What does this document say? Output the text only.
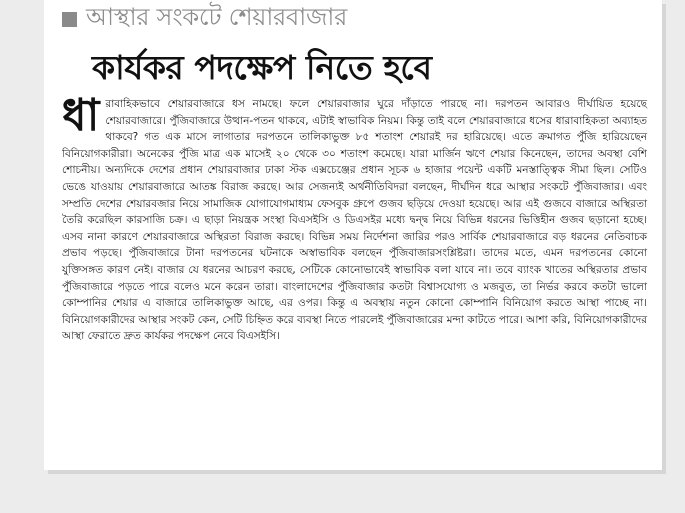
আস্থার সংকটে শেয়ারবাজার
কার্যকর পদক্ষেপ নিতে হবে
ধারাবাহিকভাবে শেয়ারবাজারে ধস নামছে। ফলে শেয়ারবাজার ঘুরে দাঁড়াতে পারছে না। দরপতন আবারও দীর্ঘায়িত হয়েছে শেয়ারবাজারে। পুঁজিবাজারে উত্থান-পতন থাকবে, এটাই স্বাভাবিক নিয়ম। কিন্তু তাই বলে শেয়ারবাজারে ধসের ধারাবাহিকতা অব্যাহত থাকবে? গত এক মাসে লাগাতার দরপতনে তালিকাভুক্ত ৮৫ শতাংশ শেয়ারই দর হারিয়েছে। এতে ক্রমাগত পুঁজি হারিয়েছেন বিনিয়োগকারীরা। অনেকের পুঁজি মাত্র এক মাসেই ২০ থেকে ৩০ শতাংশ কমেছে। যারা মার্জিন ঋণে শেয়ার কিনেছেন, তাদের অবস্থা বেশি শোচনীয়। অন্যদিকে দেশের প্রধান শেয়ারবাজার ঢাকা স্টক এক্সচেঞ্জের প্রধান সূচক ৬ হাজার পয়েন্ট একটি মনস্তাত্ত্বিক সীমা ছিল। সেটিও ভেঙে যাওয়ায় শেয়ারবাজারে আতঙ্ক বিরাজ করছে। আর সেজন্যই অর্থনীতিবিদরা বলছেন, দীর্ঘদিন ধরে আস্থার সংকটে পুঁজিবাজার। এবং সম্প্রতি দেশের শেয়ারবজার নিয়ে সামাজিক যোগাযোগমাধ্যম ফেসবুক গ্রুপে গুজব ছড়িয়ে দেওয়া হয়েছে। আর এই গুজবে বাজারে অস্থিরতা তৈরি করেছিল কারসাজি চক্র। এ ছাড়া নিয়ন্ত্রক সংস্থা বিএসইসি ও ডিএসইর মধ্যে দ্বন্দ্ব নিয়ে বিভিন্ন ধরনের ভিত্তিহীন গুজব ছড়ানো হচ্ছে। এসব নানা কারণে শেয়ারবাজারে অস্থিরতা বিরাজ করছে। বিভিন্ন সময় নির্দেশনা জারির পরও সার্বিক শেয়ারবাজারে বড় ধরনের নেতিবাচক প্রভাব পড়ছে। পুঁজিবাজারে টানা দরপতনের ঘটনাকে অস্বাভাবিক বলছেন পুঁজিবাজারসংশ্লিষ্টরা। তাদের মতে, এমন দরপতনের কোনো যুক্তিসঙ্গত কারণ নেই। বাজার যে ধরনের আচরণ করছে, সেটিকে কোনোভাবেই স্বাভাবিক বলা যাবে না। তবে ব্যাংক খাতের অস্থিরতার প্রভাব পুঁজিবাজারে পড়তে পারে বলেও মনে করেন তারা। বাংলাদেশের পুঁজিবাজার কতটা বিশ্বাসযোগ্য ও মজবুত, তা নির্ভর করবে কতটা ভালো কোম্পানির শেয়ার এ বাজারে তালিকাভুক্ত আছে, এর ওপর। কিন্তু এ অবস্থায় নতুন কোনো কোম্পানি বিনিয়োগ করতে আস্থা পাচ্ছে না। বিনিয়োগকারীদের আস্থার সংকট কেন, সেটি চিহ্নিত করে ব্যবস্থা নিতে পারলেই পুঁজিবাজারের মন্দা কাটতে পারে। আশা করি, বিনিয়োগকারীদের আস্থা ফেরাতে দ্রুত কার্যকর পদক্ষেপ নেবে বিএসইসি।
